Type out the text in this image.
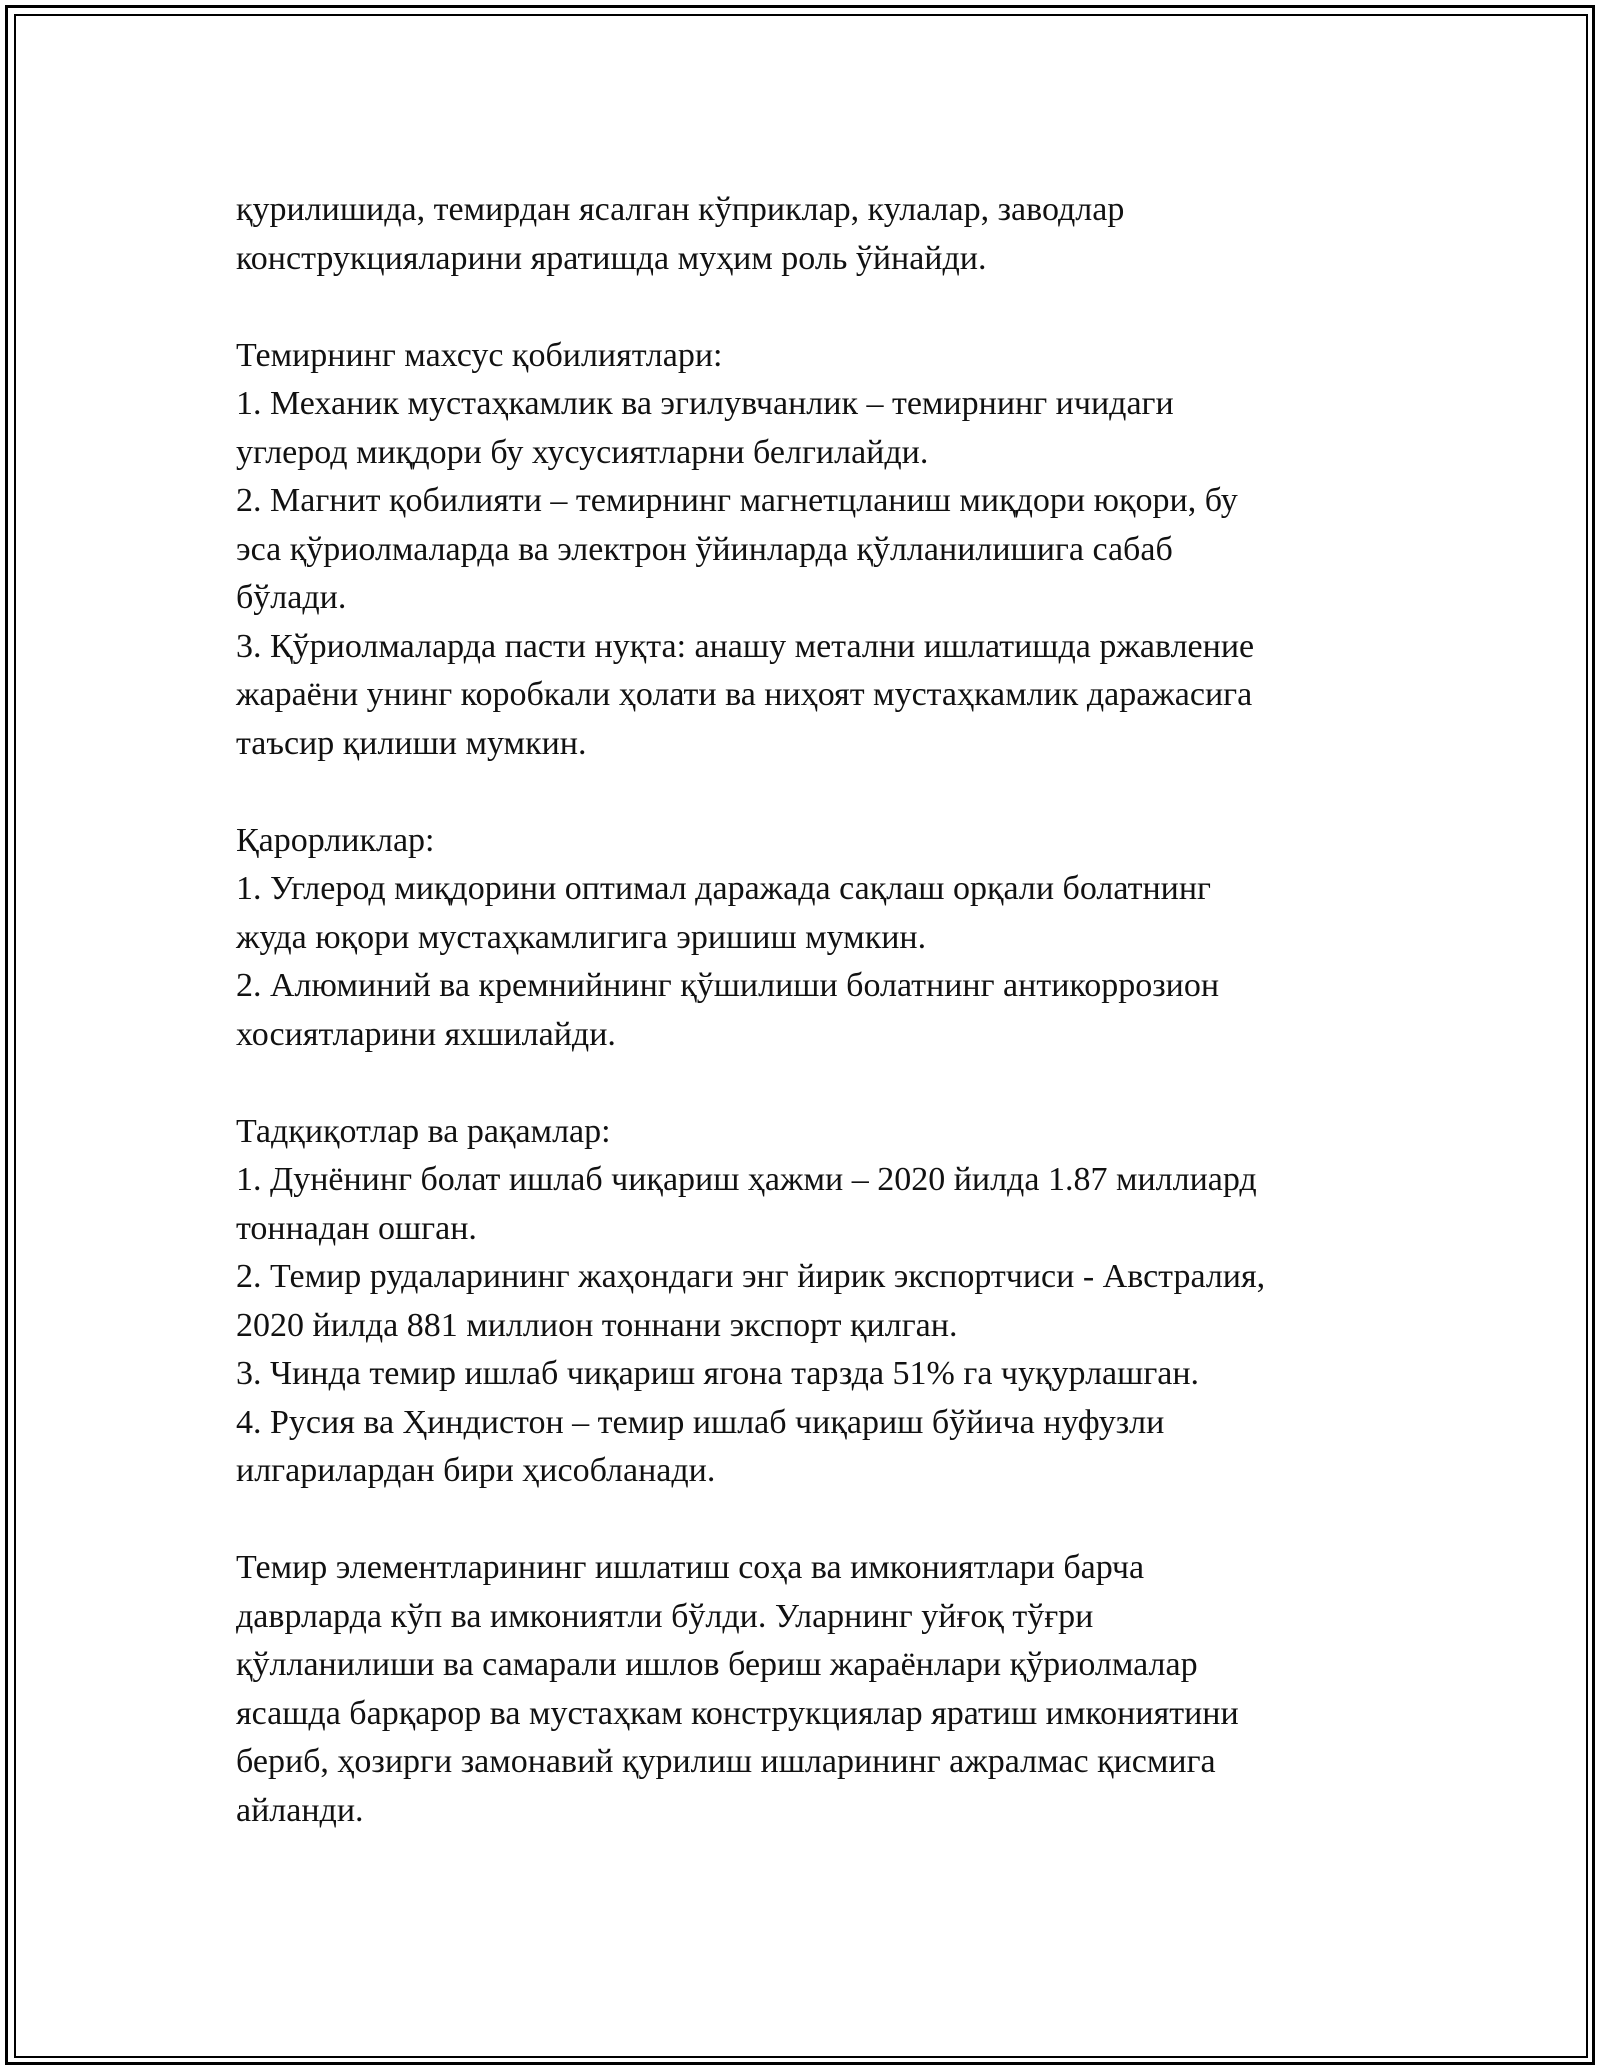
қурилишида, темирдан ясалган кўприклар, кулалар, заводлар
конструкцияларини яратишда муҳим роль ўйнайди.
Темирнинг махсус қобилиятлари:
1. Механик мустаҳкамлик ва эгилувчанлик – темирнинг ичидаги
углерод миқдори бу хусусиятларни белгилайди.
2. Магнит қобилияти – темирнинг магнетцланиш миқдори юқори, бу
эса қўриолмаларда ва электрон ўйинларда қўлланилишига сабаб
бўлади.
3. Қўриолмаларда пасти нуқта: анашу метални ишлатишда ржавление
жараёни унинг коробкали ҳолати ва ниҳоят мустаҳкамлик даражасига
таъсир қилиши мумкин.
Қарорликлар:
1. Углерод миқдорини оптимал даражада сақлаш орқали болатнинг
жуда юқори мустаҳкамлигига эришиш мумкин.
2. Алюминий ва кремнийнинг қўшилиши болатнинг антикоррозион
хосиятларини яхшилайди.
Тадқиқотлар ва рақамлар:
1. Дунёнинг болат ишлаб чиқариш ҳажми – 2020 йилда 1.87 миллиард
тоннадан ошган.
2. Темир рудаларининг жаҳондаги энг йирик экспортчиси - Австралия,
2020 йилда 881 миллион тоннани экспорт қилган.
3. Чинда темир ишлаб чиқариш ягона тарзда 51% га чуқурлашган.
4. Русия ва Ҳиндистон – темир ишлаб чиқариш бўйича нуфузли
илгарилардан бири ҳисобланади.
Темир элементларининг ишлатиш соҳа ва имкониятлари барча
даврларда кўп ва имкониятли бўлди. Уларнинг уйғоқ тўғри
қўлланилиши ва самарали ишлов бериш жараёнлари қўриолмалар
ясашда барқарор ва мустаҳкам конструкциялар яратиш имкониятини
бериб, ҳозирги замонавий қурилиш ишларининг ажралмас қисмига
айланди.
